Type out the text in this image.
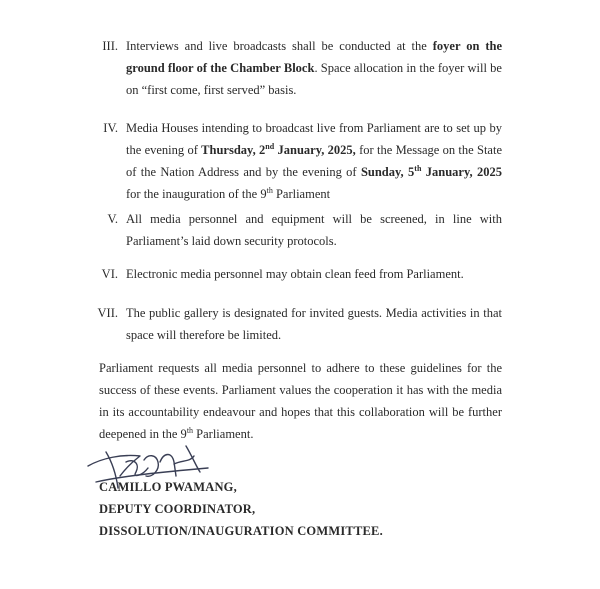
III. Interviews and live broadcasts shall be conducted at the foyer on the ground floor of the Chamber Block. Space allocation in the foyer will be on “first come, first served” basis.
IV. Media Houses intending to broadcast live from Parliament are to set up by the evening of Thursday, 2nd January, 2025, for the Message on the State of the Nation Address and by the evening of Sunday, 5th January, 2025 for the inauguration of the 9th Parliament
V. All media personnel and equipment will be screened, in line with Parliament’s laid down security protocols.
VI. Electronic media personnel may obtain clean feed from Parliament.
VII. The public gallery is designated for invited guests. Media activities in that space will therefore be limited.
Parliament requests all media personnel to adhere to these guidelines for the success of these events. Parliament values the cooperation it has with the media in its accountability endeavour and hopes that this collaboration will be further deepened in the 9th Parliament.
CAMILLO PWAMANG,
DEPUTY COORDINATOR,
DISSOLUTION/INAUGURATION COMMITTEE.
